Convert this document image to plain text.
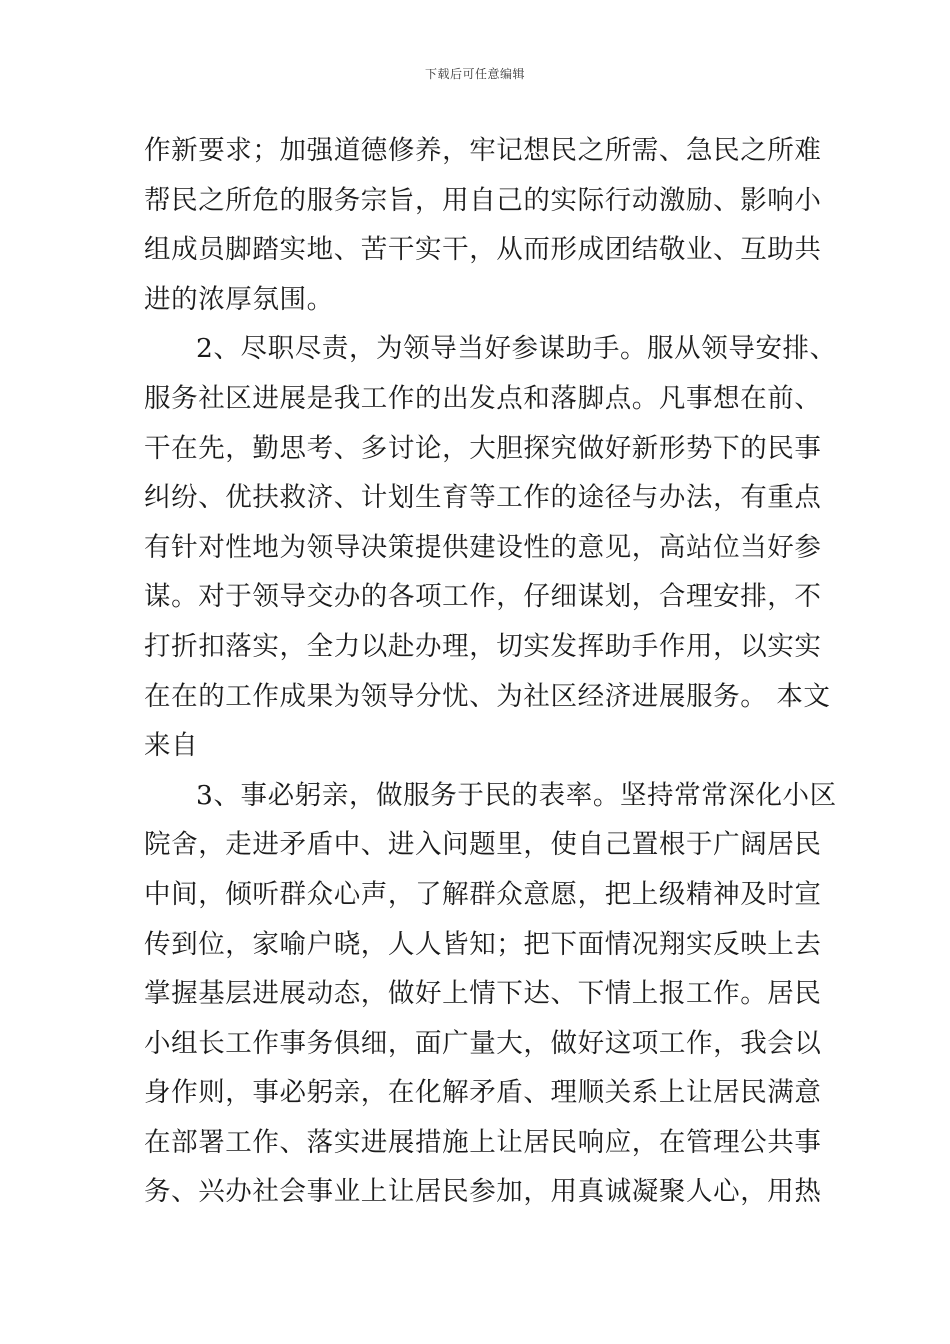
下载后可任意编辑
作新要求；加强道德修养，牢记想民之所需、急民之所难
帮民之所危的服务宗旨，用自己的实际行动激励、影响小
组成员脚踏实地、苦干实干，从而形成团结敬业、互助共
进的浓厚氛围。
2、尽职尽责，为领导当好参谋助手。服从领导安排、
服务社区进展是我工作的出发点和落脚点。凡事想在前、
干在先，勤思考、多讨论，大胆探究做好新形势下的民事
纠纷、优扶救济、计划生育等工作的途径与办法，有重点
有针对性地为领导决策提供建设性的意见，高站位当好参
谋。对于领导交办的各项工作，仔细谋划，合理安排，不
打折扣落实，全力以赴办理，切实发挥助手作用，以实实
在在的工作成果为领导分忧、为社区经济进展服务。 本文
来自
3、事必躬亲，做服务于民的表率。坚持常常深化小区
院舍，走进矛盾中、进入问题里，使自己置根于广阔居民
中间，倾听群众心声，了解群众意愿，把上级精神及时宣
传到位，家喻户晓，人人皆知；把下面情况翔实反映上去
掌握基层进展动态，做好上情下达、下情上报工作。居民
小组长工作事务俱细，面广量大，做好这项工作，我会以
身作则，事必躬亲，在化解矛盾、理顺关系上让居民满意
在部署工作、落实进展措施上让居民响应，在管理公共事
务、兴办社会事业上让居民参加，用真诚凝聚人心，用热
